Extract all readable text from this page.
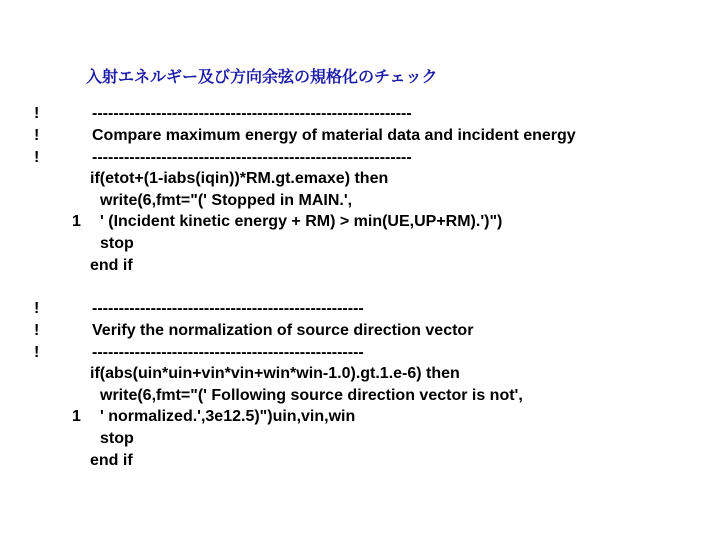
入射エネルギー及び方向余弦の規格化のチェック
!
!
!
------------------------------------------------------------
Compare maximum energy of material data and incident energy
------------------------------------------------------------
if(etot+(1-iabs(iqin))*RM.gt.emaxe) then
write(6,fmt="(' Stopped in MAIN.',
1 ' (Incident kinetic energy + RM) > min(UE,UP+RM).')")
stop
end if
!
!
!
---------------------------------------------------
Verify the normalization of source direction vector
---------------------------------------------------
if(abs(uin*uin+vin*vin+win*win-1.0).gt.1.e-6) then
write(6,fmt="(' Following source direction vector is not',
1 ' normalized.',3e12.5)")uin,vin,win
stop
end if
